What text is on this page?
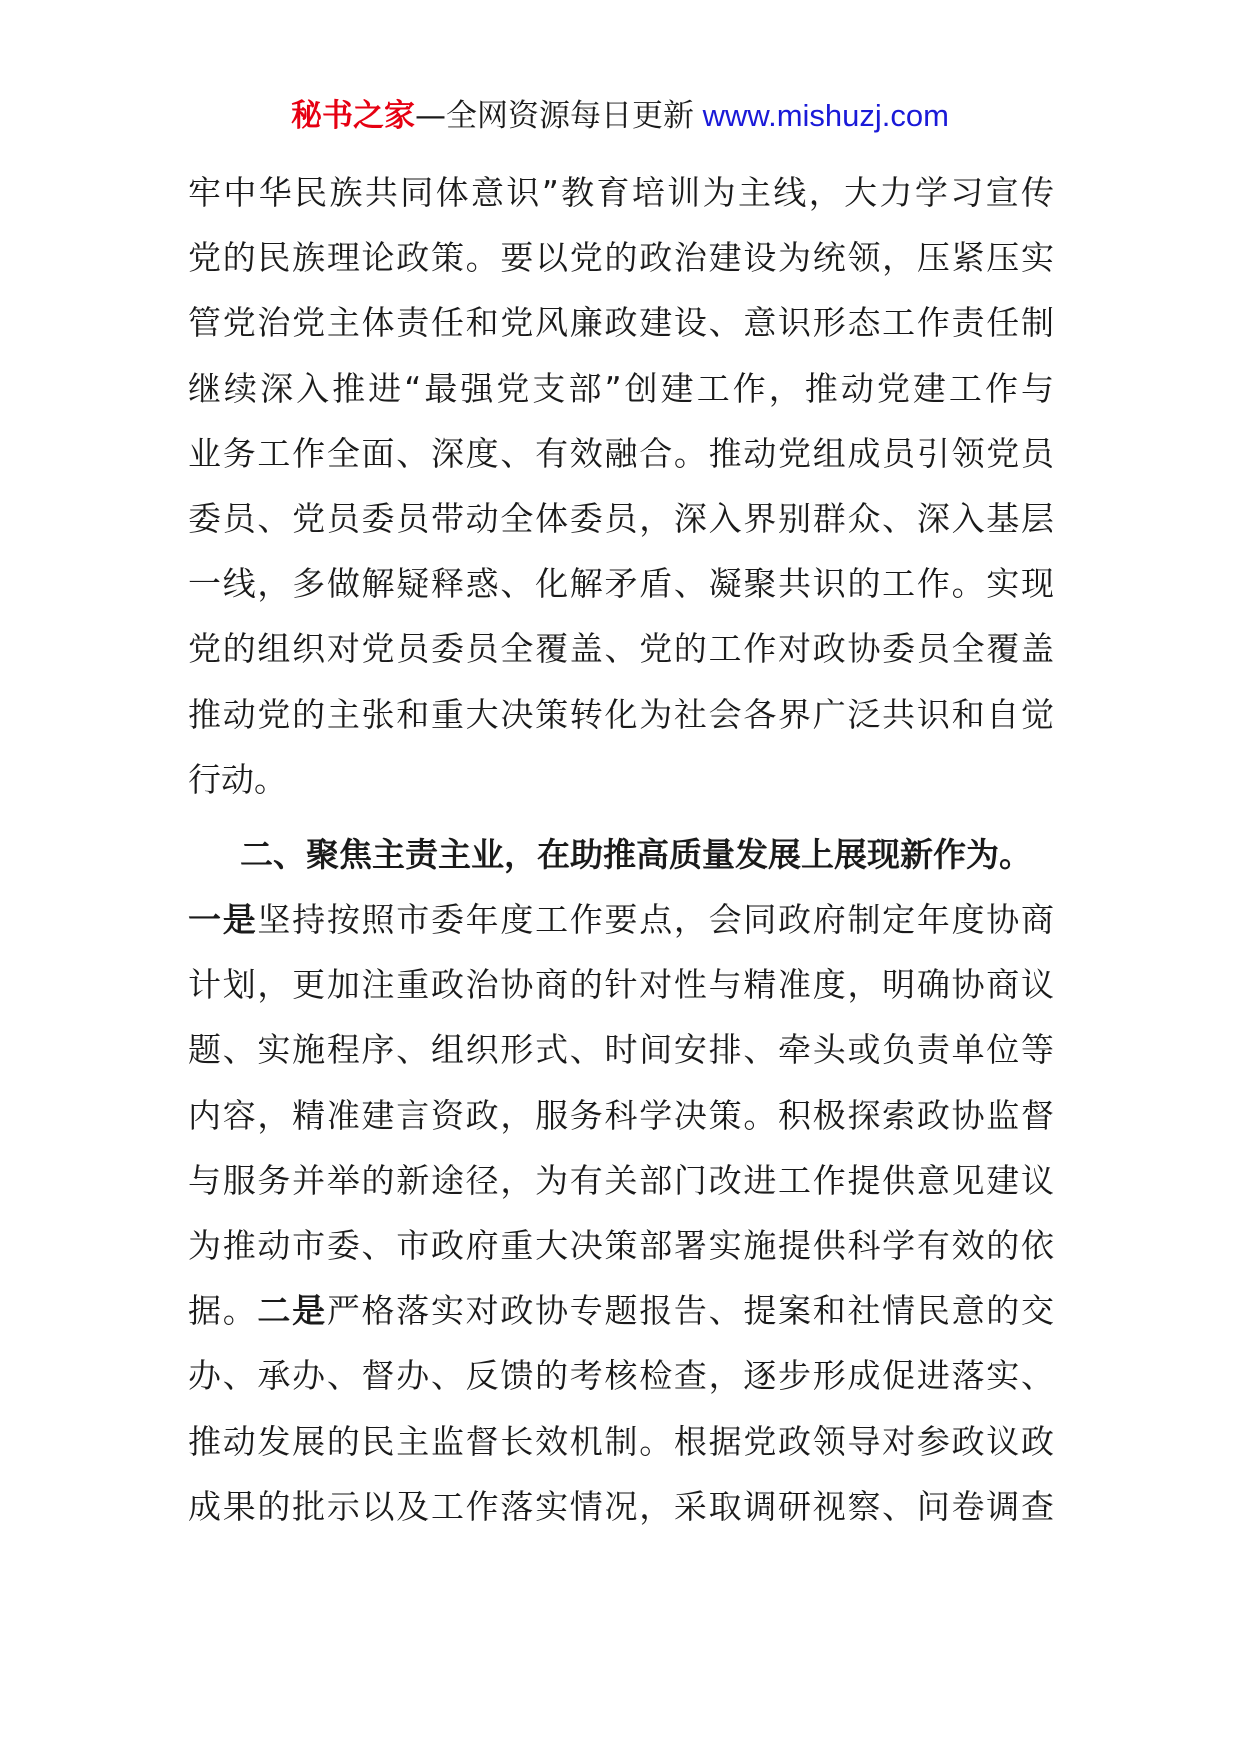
秘书之家—全网资源每日更新 www.mishuzj.com
牢中华民族共同体意识”教育培训为主线，大力学习宣传
党的民族理论政策。要以党的政治建设为统领，压紧压实
管党治党主体责任和党风廉政建设、意识形态工作责任制
继续深入推进“最强党支部”创建工作，推动党建工作与
业务工作全面、深度、有效融合。推动党组成员引领党员
委员、党员委员带动全体委员，深入界别群众、深入基层
一线，多做解疑释惑、化解矛盾、凝聚共识的工作。实现
党的组织对党员委员全覆盖、党的工作对政协委员全覆盖
推动党的主张和重大决策转化为社会各界广泛共识和自觉
行动。
二、聚焦主责主业，在助推高质量发展上展现新作为。
一是坚持按照市委年度工作要点，会同政府制定年度协商
计划，更加注重政治协商的针对性与精准度，明确协商议
题、实施程序、组织形式、时间安排、牵头或负责单位等
内容，精准建言资政，服务科学决策。积极探索政协监督
与服务并举的新途径，为有关部门改进工作提供意见建议
为推动市委、市政府重大决策部署实施提供科学有效的依
据。二是严格落实对政协专题报告、提案和社情民意的交
办、承办、督办、反馈的考核检查，逐步形成促进落实、
推动发展的民主监督长效机制。根据党政领导对参政议政
成果的批示以及工作落实情况，采取调研视察、问卷调查
